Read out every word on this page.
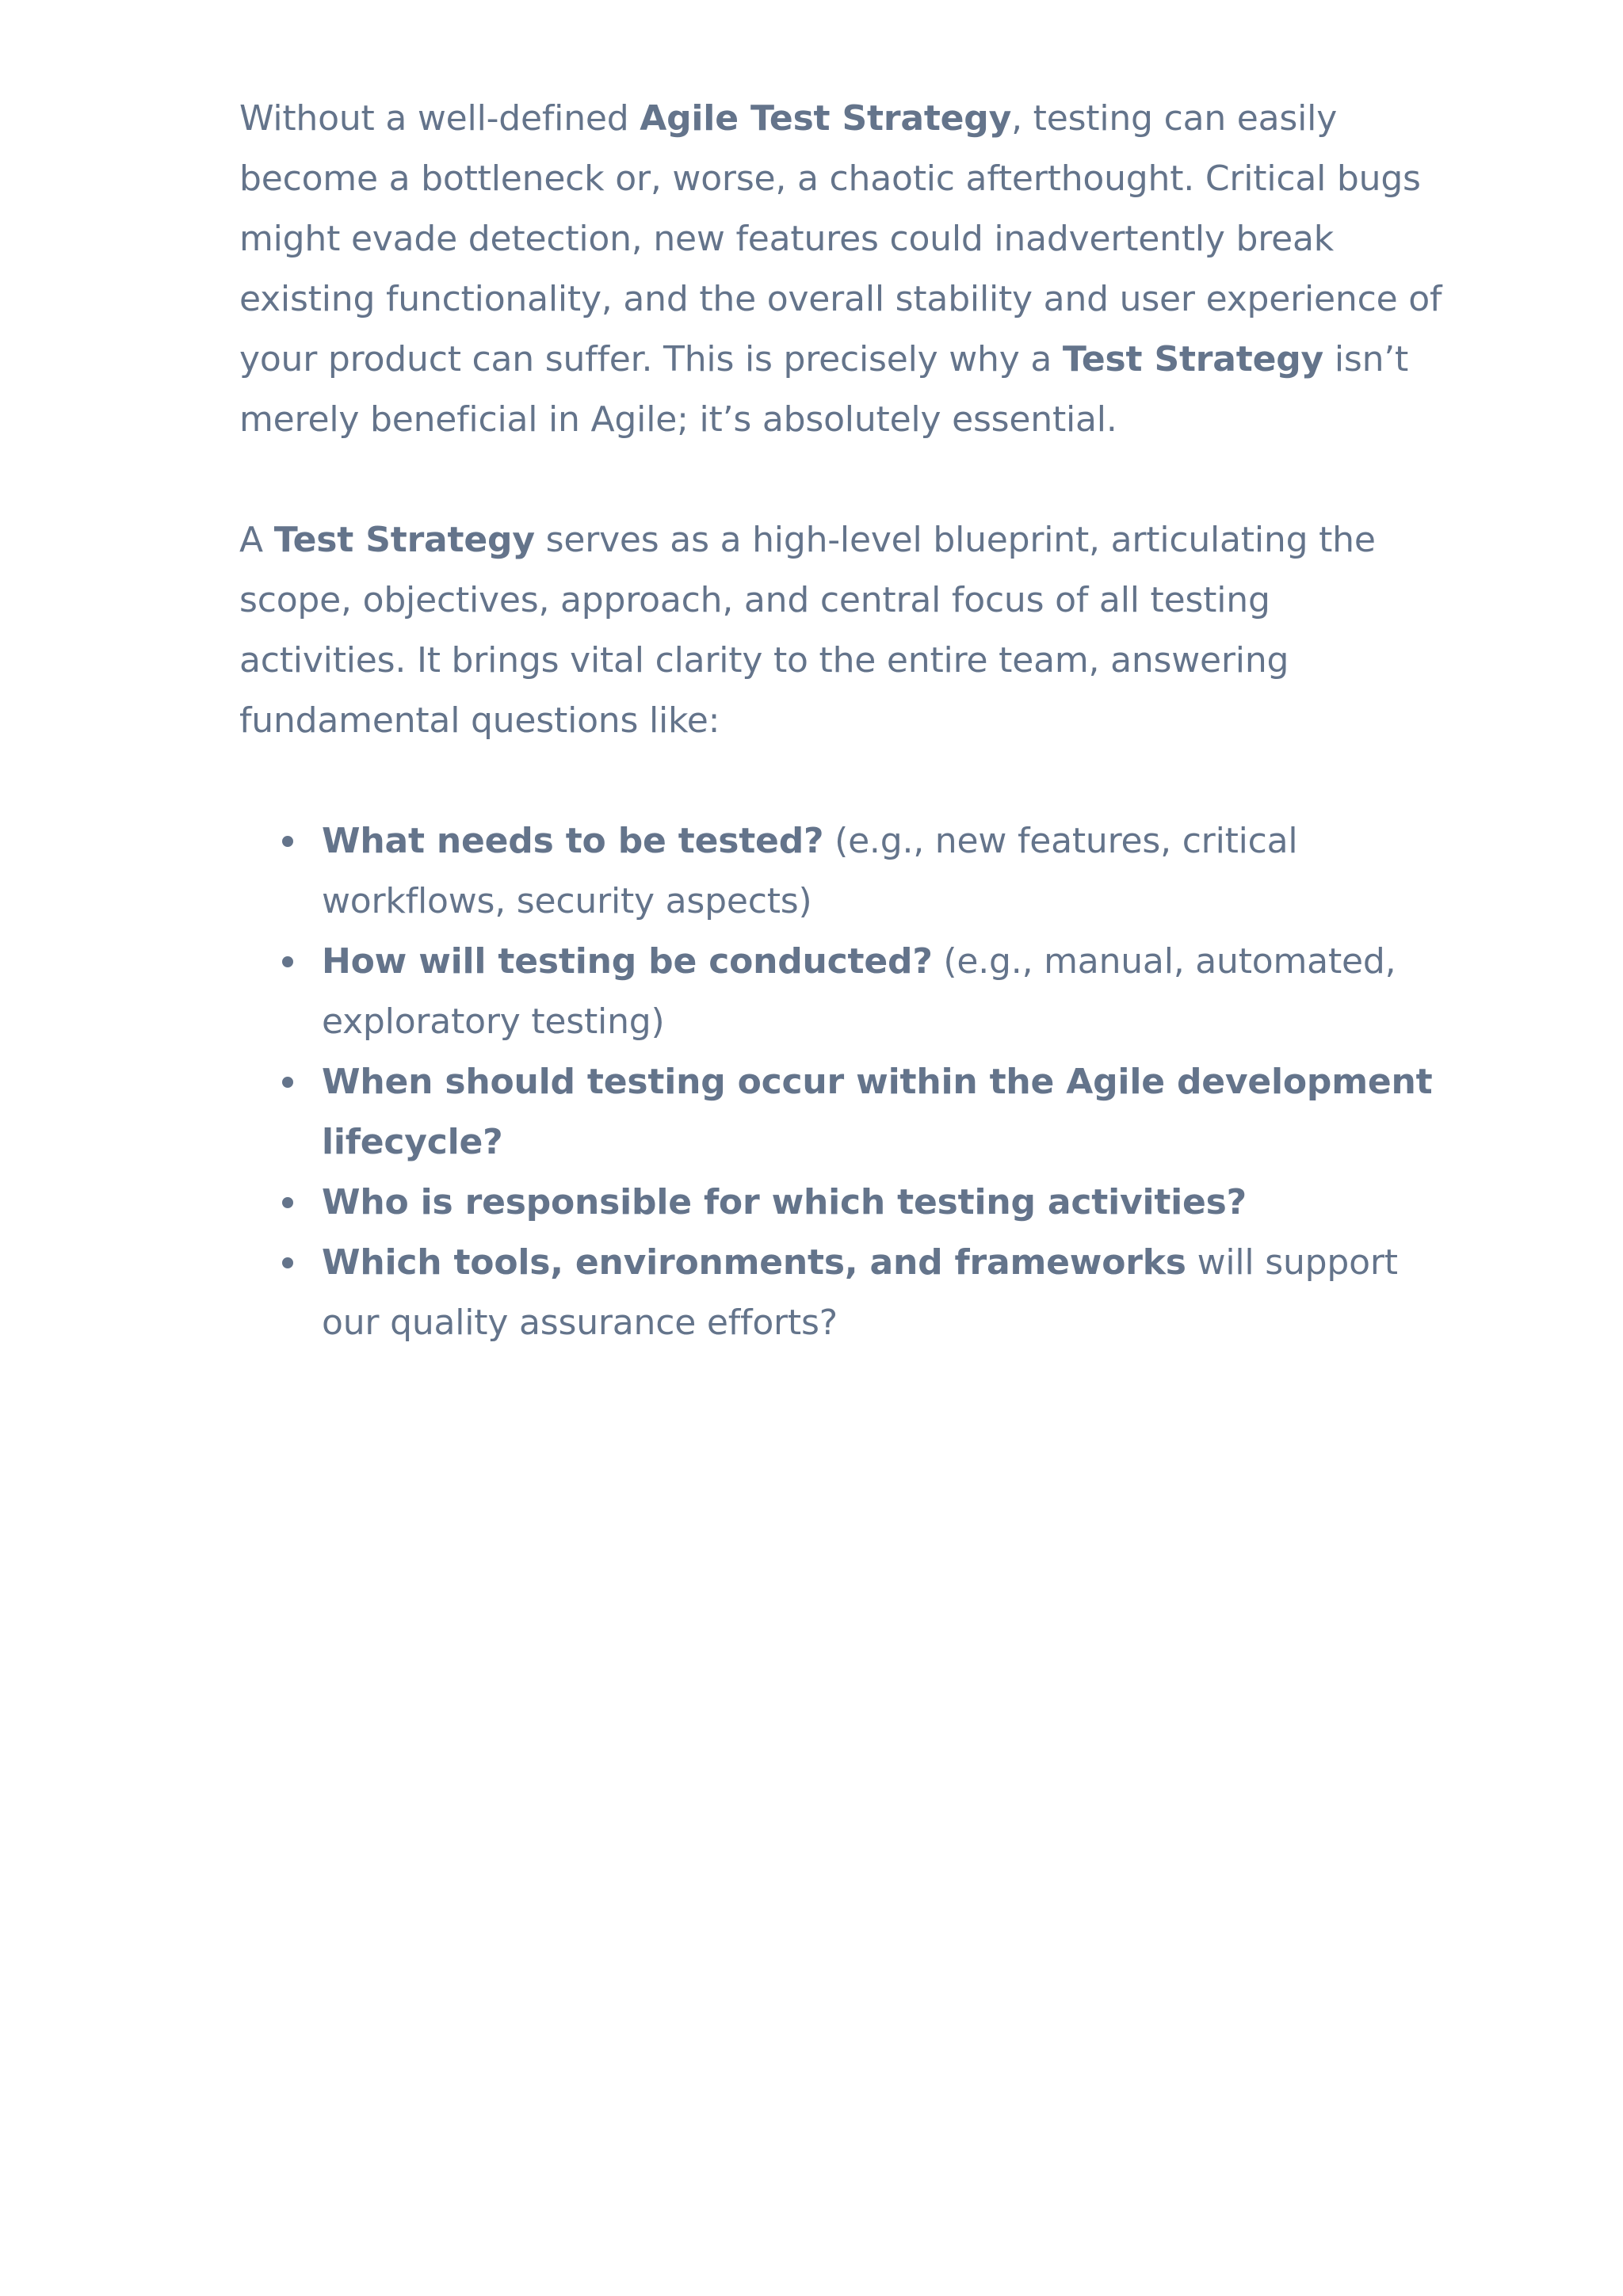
Without a well-defined Agile Test Strategy, testing can easily become a bottleneck or, worse, a chaotic afterthought. Critical bugs might evade detection, new features could inadvertently break existing functionality, and the overall stability and user experience of your product can suffer. This is precisely why a Test Strategy isn’t merely beneficial in Agile; it’s absolutely essential.

A Test Strategy serves as a high-level blueprint, articulating the scope, objectives, approach, and central focus of all testing activities. It brings vital clarity to the entire team, answering fundamental questions like:

What needs to be tested? (e.g., new features, critical workflows, security aspects)
How will testing be conducted? (e.g., manual, automated, exploratory testing)
When should testing occur within the Agile development lifecycle?
Who is responsible for which testing activities?
Which tools, environments, and frameworks will support our quality assurance efforts?
